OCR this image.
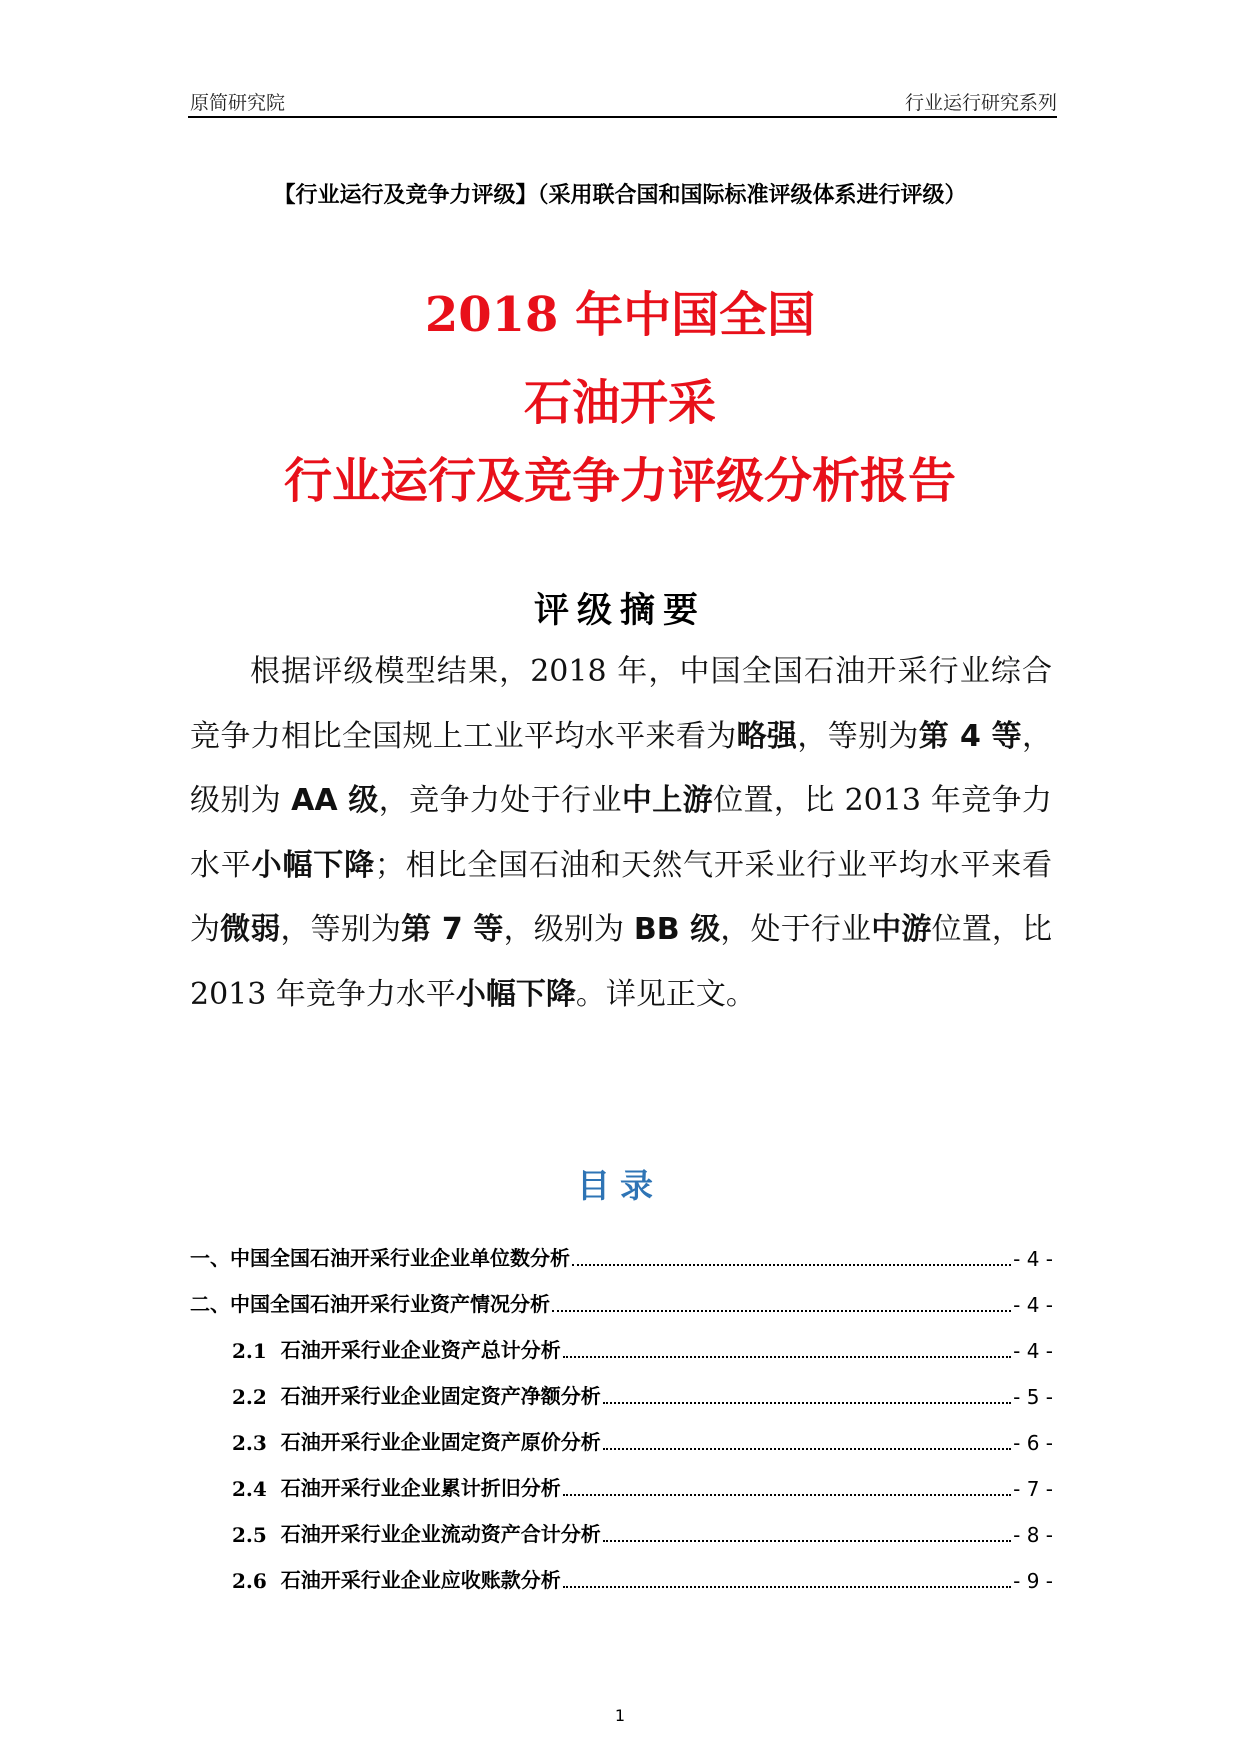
原简研究院	行业运行研究系列
【行业运行及竞争力评级】（采用联合国和国际标准评级体系进行评级）
2018 年中国全国
石油开采
行业运行及竞争力评级分析报告
评级摘要

根据评级模型结果，2018 年，中国全国石油开采行业综合竞争力相比全国规上工业平均水平来看为略强，等别为第 4 等，级别为 AA 级，竞争力处于行业中上游位置，比 2013 年竞争力水平小幅下降；相比全国石油和天然气开采业行业平均水平来看为微弱，等别为第 7 等，级别为 BB 级，处于行业中游位置，比 2013 年竞争力水平小幅下降。详见正文。

目录
一、中国全国石油开采行业企业单位数分析	- 4 -
二、中国全国石油开采行业资产情况分析	- 4 -
2.1 石油开采行业企业资产总计分析	- 4 -
2.2 石油开采行业企业固定资产净额分析	- 5 -
2.3 石油开采行业企业固定资产原价分析	- 6 -
2.4 石油开采行业企业累计折旧分析	- 7 -
2.5 石油开采行业企业流动资产合计分析	- 8 -
2.6 石油开采行业企业应收账款分析	- 9 -
1
